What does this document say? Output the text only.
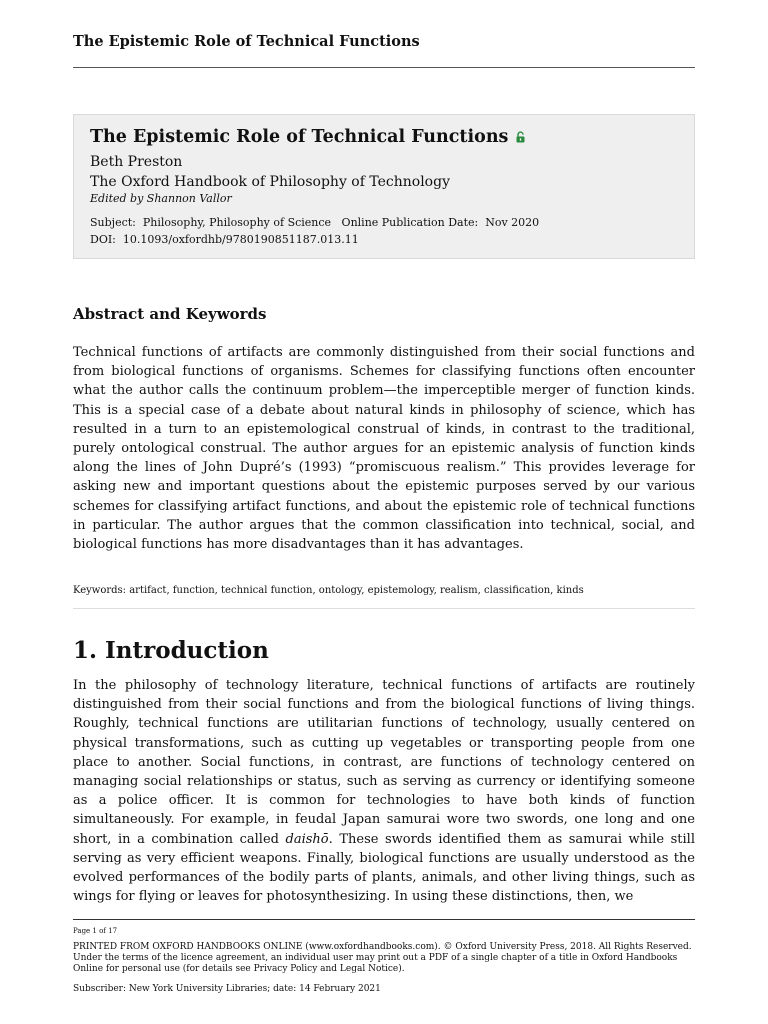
The Epistemic Role of Technical Functions
The Epistemic Role of Technical Functions
Beth Preston
The Oxford Handbook of Philosophy of Technology
Edited by Shannon Vallor
Subject:  Philosophy, Philosophy of Science   Online Publication Date:  Nov 2020
DOI:  10.1093/oxfordhb/9780190851187.013.11
Abstract and Keywords

Technical functions of artifacts are commonly distinguished from their social functions and from biological functions of organisms. Schemes for classifying functions often encounter what the author calls the continuum problem—the imperceptible merger of function kinds. This is a special case of a debate about natural kinds in philosophy of science, which has resulted in a turn to an epistemological construal of kinds, in contrast to the traditional, purely ontological construal. The author argues for an epistemic analysis of function kinds along the lines of John Dupré’s (1993) “promiscuous realism.” This provides leverage for asking new and important questions about the epistemic purposes served by our various schemes for classifying artifact functions, and about the epistemic role of technical functions in particular. The author argues that the common classification into technical, social, and biological functions has more disadvantages than it has advantages.

Keywords: artifact, function, technical function, ontology, epistemology, realism, classification, kinds
1. Introduction

In the philosophy of technology literature, technical functions of artifacts are routinely distinguished from their social functions and from the biological functions of living things. Roughly, technical functions are utilitarian functions of technology, usually centered on physical transformations, such as cutting up vegetables or transporting people from one place to another. Social functions, in contrast, are functions of technology centered on managing social relationships or status, such as serving as currency or identifying someone as a police officer. It is common for technologies to have both kinds of function simultaneously. For example, in feudal Japan samurai wore two swords, one long and one short, in a combination called daishō. These swords identified them as samurai while still serving as very efficient weapons. Finally, biological functions are usually understood as the evolved performances of the bodily parts of plants, animals, and other living things, such as wings for flying or leaves for photosynthesizing. In using these distinctions, then, we

Page 1 of 17
PRINTED FROM OXFORD HANDBOOKS ONLINE (www.oxfordhandbooks.com). © Oxford University Press, 2018. All Rights Reserved. Under the terms of the licence agreement, an individual user may print out a PDF of a single chapter of a title in Oxford Handbooks Online for personal use (for details see Privacy Policy and Legal Notice).
Subscriber: New York University Libraries; date: 14 February 2021
